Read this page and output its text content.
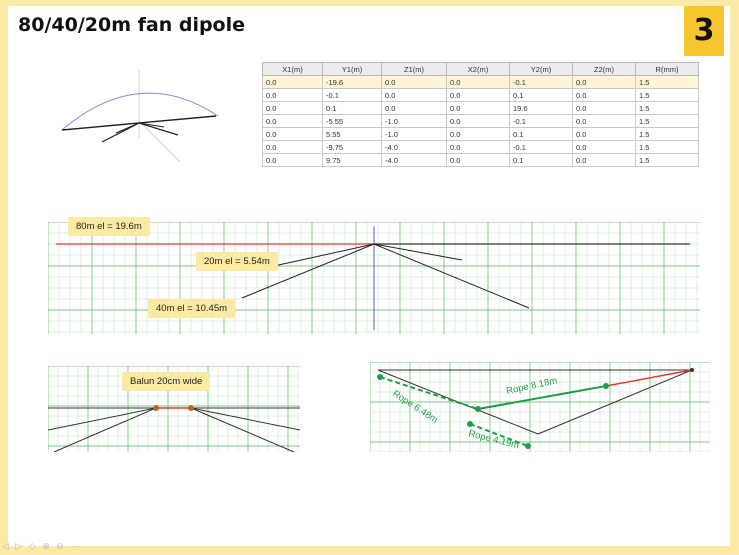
80/40/20m fan dipole	3
X1(m)	Y1(m)	Z1(m)	X2(m)	Y2(m)	Z2(m)	R(mm)
0.0	-19.6	0.0	0.0	-0.1	0.0	1.5
0.0	-0.1	0.0	0.0	0.1	0.0	1.5
0.0	0.1	0.0	0.0	19.6	0.0	1.5
0.0	-5.55	-1.0	0.0	-0.1	0.0	1.5
0.0	5.55	-1.0	0.0	0.1	0.0	1.5
0.0	-9.75	-4.0	0.0	-0.1	0.0	1.5
0.0	9.75	-4.0	0.0	0.1	0.0	1.5
80m el = 19.6m
20m el = 5.54m
40m el = 10.45m
Balun 20cm wide	Rope 8.18m
Rope 6.48m
Rope 4.19m
◁ ▷ ◇ ⊕ ⊖ ⋯
